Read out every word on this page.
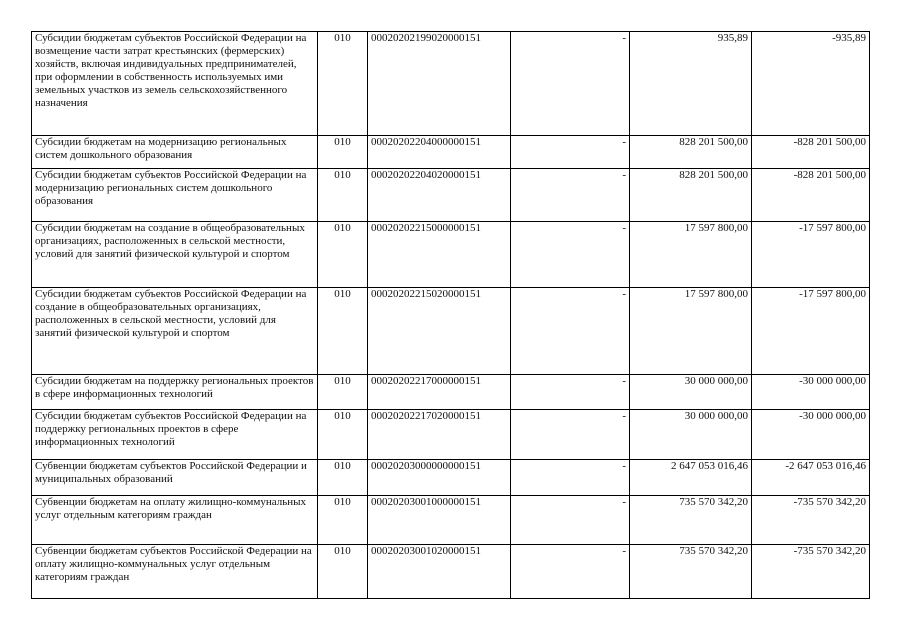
Субсидии бюджетам субъектов Российской Федерации на возмещение части затрат крестьянских (фермерских) хозяйств, включая индивидуальных предпринимателей, при оформлении в собственность используемых ими земельных участков из земель сельскохозяйственного назначения	010	00020202199020000151	-	935,89	-935,89
Субсидии бюджетам на модернизацию региональных систем дошкольного образования	010	00020202204000000151	-	828 201 500,00	-828 201 500,00
Субсидии бюджетам субъектов Российской Федерации на модернизацию региональных систем дошкольного образования	010	00020202204020000151	-	828 201 500,00	-828 201 500,00
Субсидии бюджетам на создание в общеобразовательных организациях, расположенных в сельской местности, условий для занятий физической культурой и спортом	010	00020202215000000151	-	17 597 800,00	-17 597 800,00
Субсидии бюджетам субъектов Российской Федерации на создание в общеобразовательных организациях, расположенных в сельской местности, условий для занятий физической культурой и спортом	010	00020202215020000151	-	17 597 800,00	-17 597 800,00
Субсидии бюджетам на поддержку региональных проектов в сфере информационных технологий	010	00020202217000000151	-	30 000 000,00	-30 000 000,00
Субсидии бюджетам субъектов Российской Федерации на поддержку региональных проектов в сфере информационных технологий	010	00020202217020000151	-	30 000 000,00	-30 000 000,00
Субвенции бюджетам субъектов Российской Федерации и муниципальных образований	010	00020203000000000151	-	2 647 053 016,46	-2 647 053 016,46
Субвенции бюджетам на оплату жилищно-коммунальных услуг отдельным категориям граждан	010	00020203001000000151	-	735 570 342,20	-735 570 342,20
Субвенции бюджетам субъектов Российской Федерации на оплату жилищно-коммунальных услуг отдельным категориям граждан	010	00020203001020000151	-	735 570 342,20	-735 570 342,20
